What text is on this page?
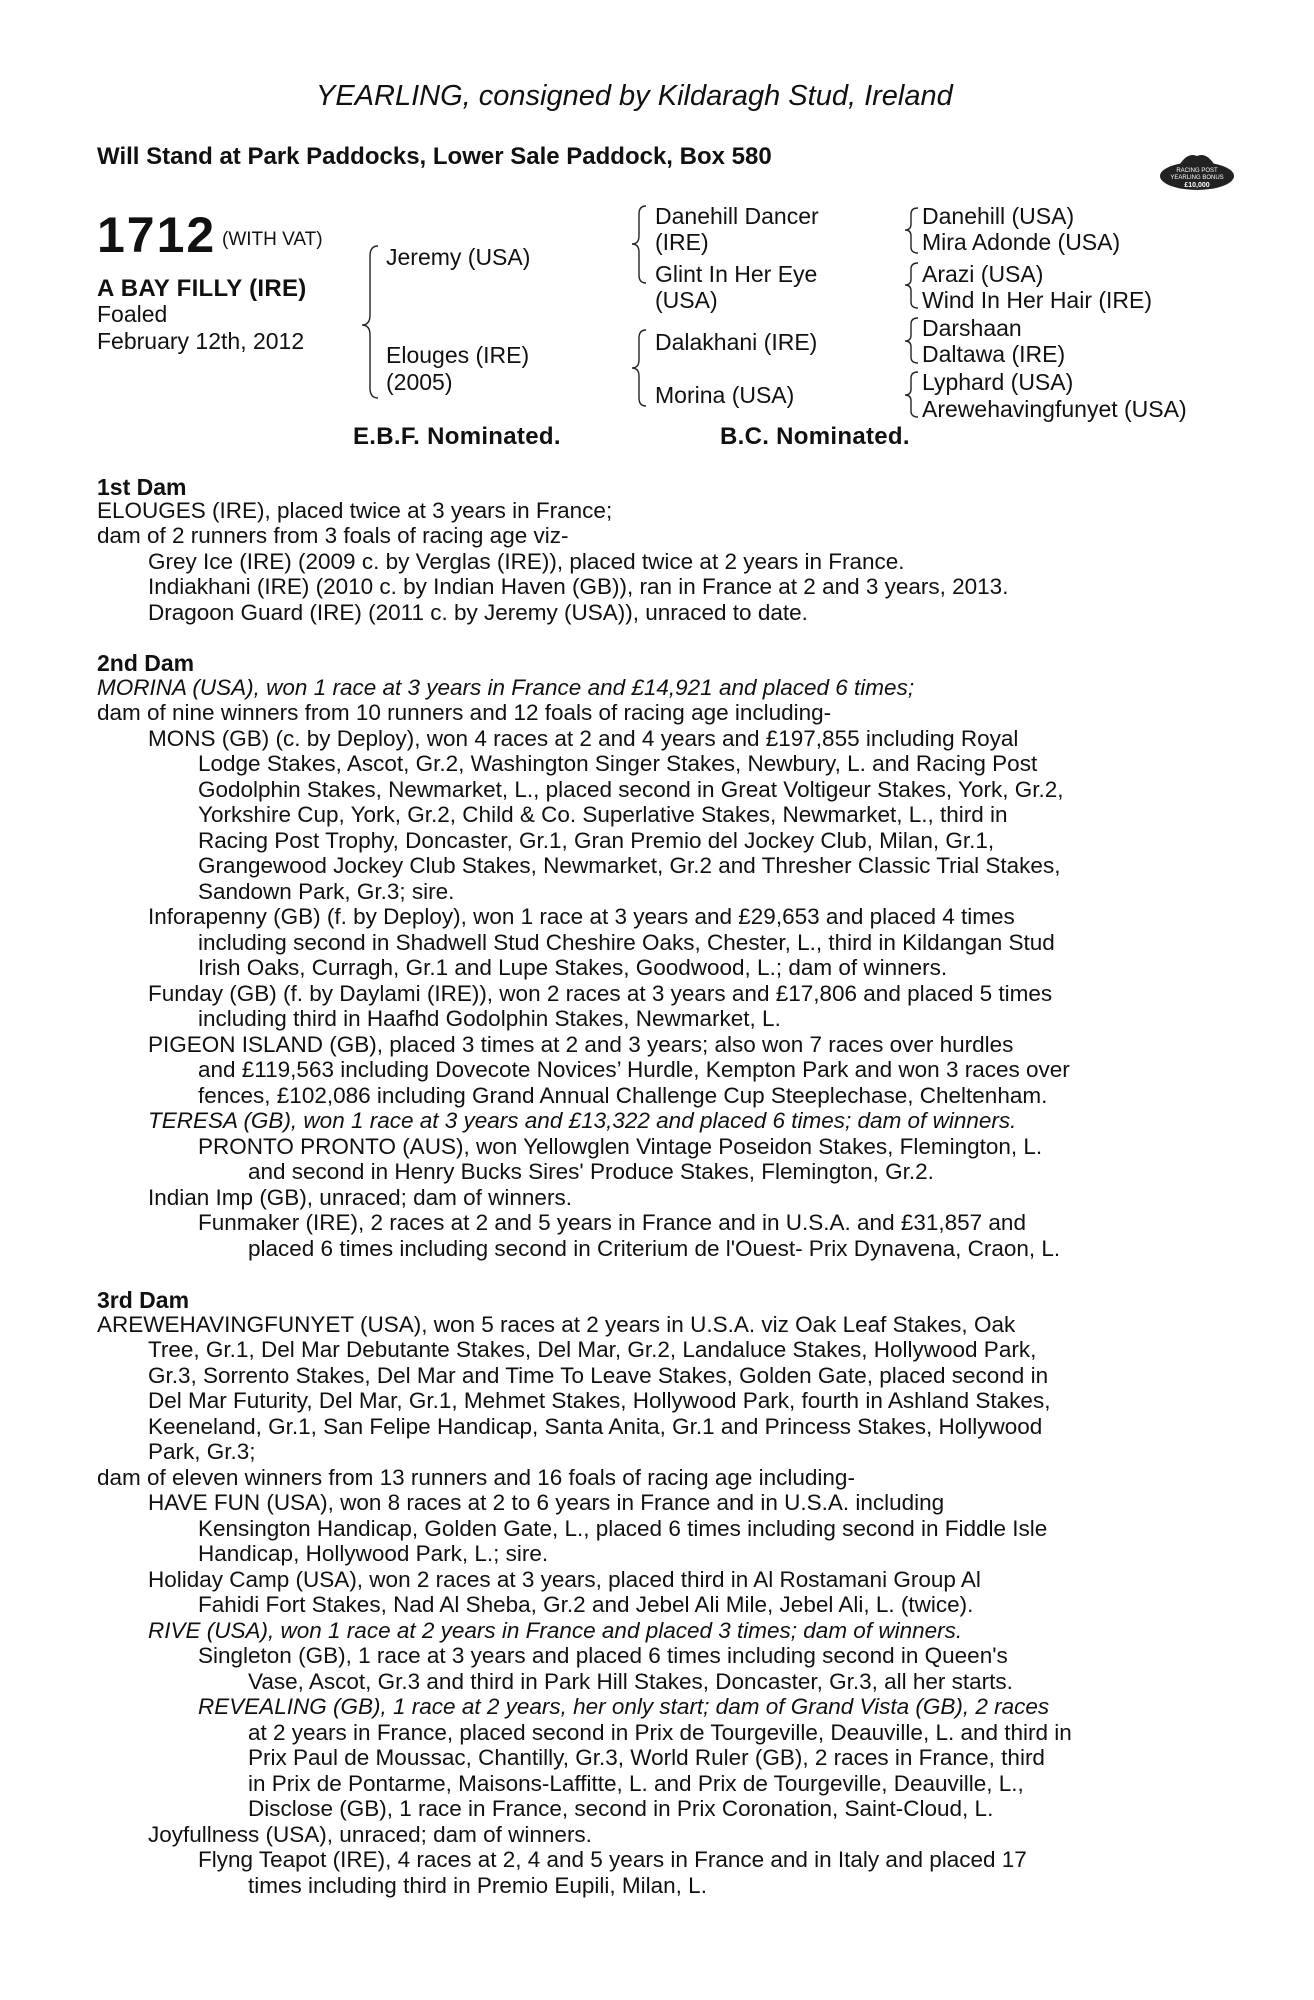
YEARLING, consigned by Kildaragh Stud, Ireland
Will Stand at Park Paddocks, Lower Sale Paddock, Box 580
RACING POST
YEARLING BONUS
£10,000
1712 (WITH VAT)
A BAY FILLY (IRE)
Foaled
February 12th, 2012
Jeremy (USA)
Elouges (IRE)
(2005)
Danehill Dancer
(IRE)
Glint In Her Eye
(USA)
Dalakhani (IRE)
Morina (USA)
Danehill (USA)
Mira Adonde (USA)
Arazi (USA)
Wind In Her Hair (IRE)
Darshaan
Daltawa (IRE)
Lyphard (USA)
Arewehavingfunyet (USA)
E.B.F. Nominated.	B.C. Nominated.
1st Dam
ELOUGES (IRE), placed twice at 3 years in France;
dam of 2 runners from 3 foals of racing age viz-
Grey Ice (IRE) (2009 c. by Verglas (IRE)), placed twice at 2 years in France.
Indiakhani (IRE) (2010 c. by Indian Haven (GB)), ran in France at 2 and 3 years, 2013.
Dragoon Guard (IRE) (2011 c. by Jeremy (USA)), unraced to date.
2nd Dam
MORINA (USA), won 1 race at 3 years in France and £14,921 and placed 6 times;
dam of nine winners from 10 runners and 12 foals of racing age including-
MONS (GB) (c. by Deploy), won 4 races at 2 and 4 years and £197,855 including Royal
Lodge Stakes, Ascot, Gr.2, Washington Singer Stakes, Newbury, L. and Racing Post
Godolphin Stakes, Newmarket, L., placed second in Great Voltigeur Stakes, York, Gr.2,
Yorkshire Cup, York, Gr.2, Child & Co. Superlative Stakes, Newmarket, L., third in
Racing Post Trophy, Doncaster, Gr.1, Gran Premio del Jockey Club, Milan, Gr.1,
Grangewood Jockey Club Stakes, Newmarket, Gr.2 and Thresher Classic Trial Stakes,
Sandown Park, Gr.3; sire.
Inforapenny (GB) (f. by Deploy), won 1 race at 3 years and £29,653 and placed 4 times
including second in Shadwell Stud Cheshire Oaks, Chester, L., third in Kildangan Stud
Irish Oaks, Curragh, Gr.1 and Lupe Stakes, Goodwood, L.; dam of winners.
Funday (GB) (f. by Daylami (IRE)), won 2 races at 3 years and £17,806 and placed 5 times
including third in Haafhd Godolphin Stakes, Newmarket, L.
PIGEON ISLAND (GB), placed 3 times at 2 and 3 years; also won 7 races over hurdles
and £119,563 including Dovecote Novices’ Hurdle, Kempton Park and won 3 races over
fences, £102,086 including Grand Annual Challenge Cup Steeplechase, Cheltenham.
TERESA (GB), won 1 race at 3 years and £13,322 and placed 6 times; dam of winners.
PRONTO PRONTO (AUS), won Yellowglen Vintage Poseidon Stakes, Flemington, L.
and second in Henry Bucks Sires' Produce Stakes, Flemington, Gr.2.
Indian Imp (GB), unraced; dam of winners.
Funmaker (IRE), 2 races at 2 and 5 years in France and in U.S.A. and £31,857 and
placed 6 times including second in Criterium de l'Ouest- Prix Dynavena, Craon, L.
3rd Dam
AREWEHAVINGFUNYET (USA), won 5 races at 2 years in U.S.A. viz Oak Leaf Stakes, Oak
Tree, Gr.1, Del Mar Debutante Stakes, Del Mar, Gr.2, Landaluce Stakes, Hollywood Park,
Gr.3, Sorrento Stakes, Del Mar and Time To Leave Stakes, Golden Gate, placed second in
Del Mar Futurity, Del Mar, Gr.1, Mehmet Stakes, Hollywood Park, fourth in Ashland Stakes,
Keeneland, Gr.1, San Felipe Handicap, Santa Anita, Gr.1 and Princess Stakes, Hollywood
Park, Gr.3;
dam of eleven winners from 13 runners and 16 foals of racing age including-
HAVE FUN (USA), won 8 races at 2 to 6 years in France and in U.S.A. including
Kensington Handicap, Golden Gate, L., placed 6 times including second in Fiddle Isle
Handicap, Hollywood Park, L.; sire.
Holiday Camp (USA), won 2 races at 3 years, placed third in Al Rostamani Group Al
Fahidi Fort Stakes, Nad Al Sheba, Gr.2 and Jebel Ali Mile, Jebel Ali, L. (twice).
RIVE (USA), won 1 race at 2 years in France and placed 3 times; dam of winners.
Singleton (GB), 1 race at 3 years and placed 6 times including second in Queen's
Vase, Ascot, Gr.3 and third in Park Hill Stakes, Doncaster, Gr.3, all her starts.
REVEALING (GB), 1 race at 2 years, her only start; dam of Grand Vista (GB), 2 races
at 2 years in France, placed second in Prix de Tourgeville, Deauville, L. and third in
Prix Paul de Moussac, Chantilly, Gr.3, World Ruler (GB), 2 races in France, third
in Prix de Pontarme, Maisons-Laffitte, L. and Prix de Tourgeville, Deauville, L.,
Disclose (GB), 1 race in France, second in Prix Coronation, Saint-Cloud, L.
Joyfullness (USA), unraced; dam of winners.
Flyng Teapot (IRE), 4 races at 2, 4 and 5 years in France and in Italy and placed 17
times including third in Premio Eupili, Milan, L.
